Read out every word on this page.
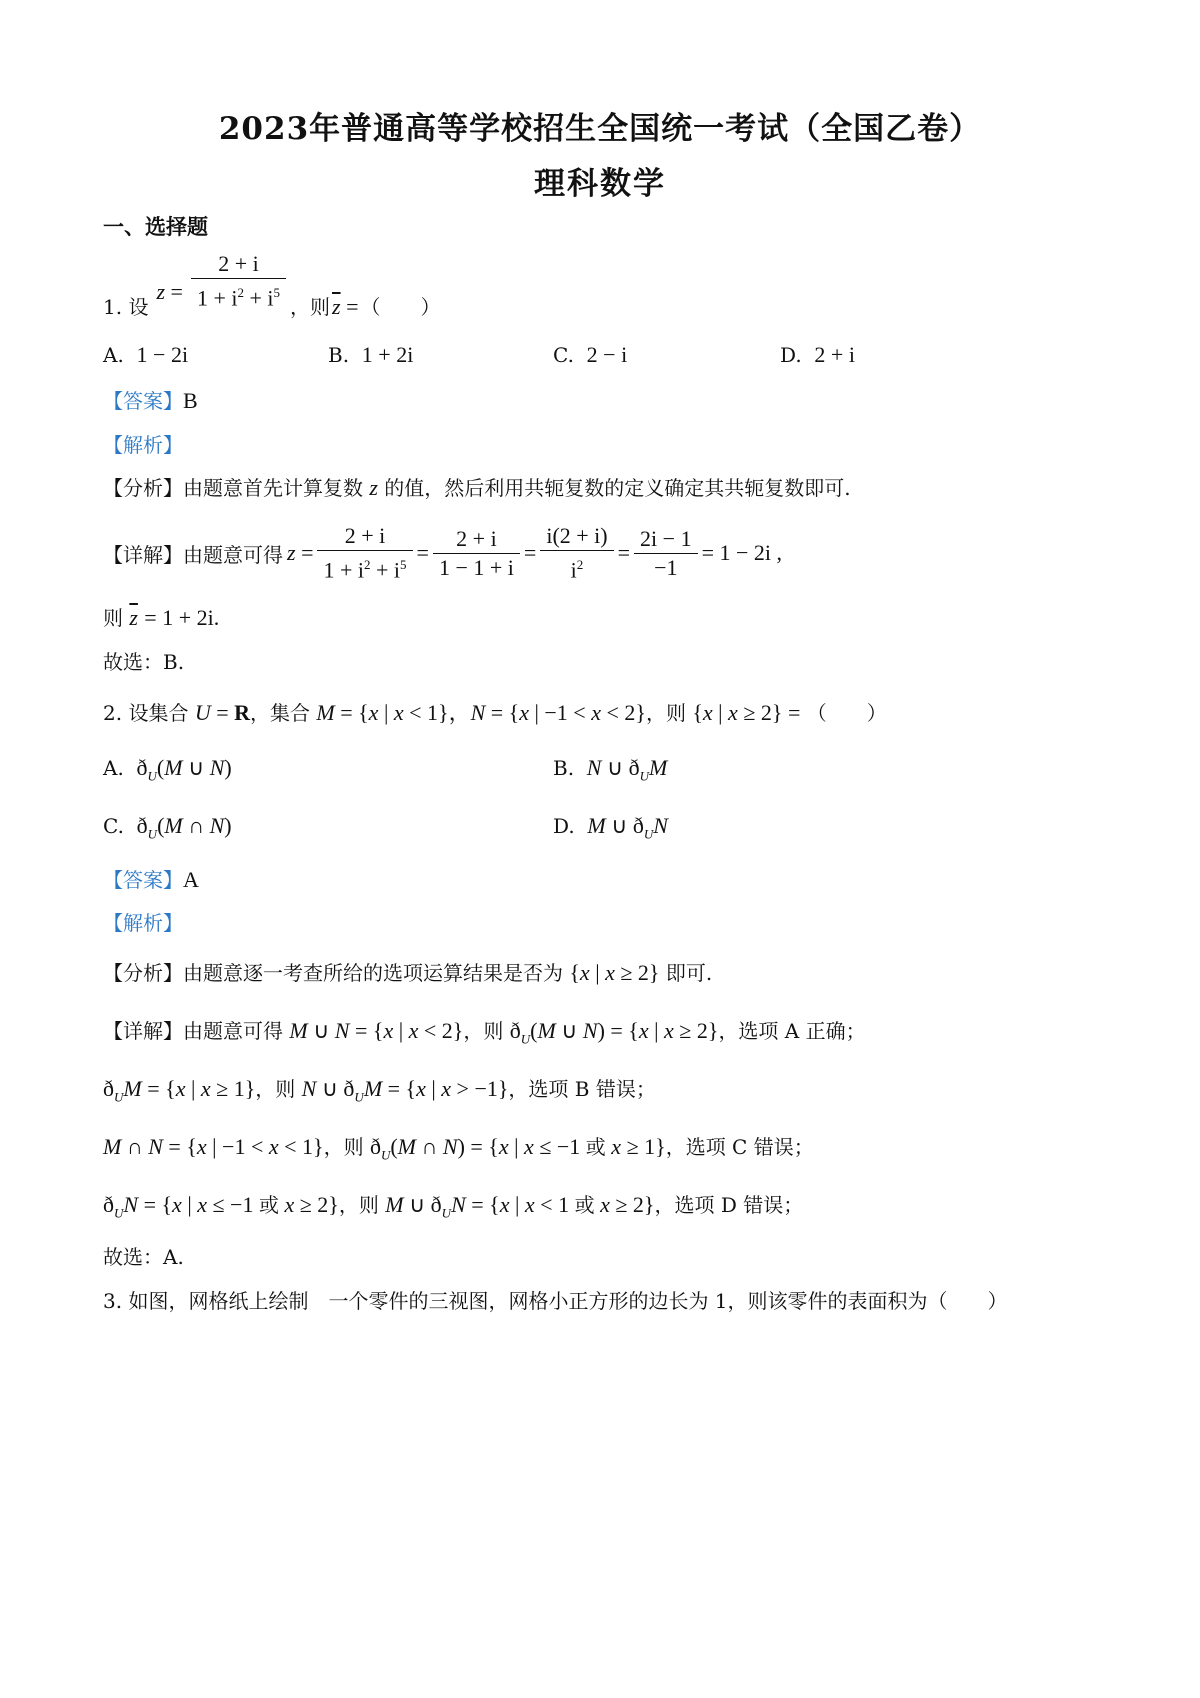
2023年普通高等学校招生全国统一考试（全国乙卷）
理科数学
一、选择题
1. 设
$z = \frac{2 + i}{1 + i^2 + i^5}$ ，则 $\overline{z}$ = （　　）
A. 1 − 2i	B. 1 + 2i	C. 2 − i	D. 2 + i
【答案】B
【解析】
【分析】由题意首先计算复数 z 的值，然后利用共轭复数的定义确定其共轭复数即可.
【详解】 由题意可得 $z = \frac{2 + i}{1 + i^2 + i^5} = \frac{2 + i}{1 - 1 + i} = \frac{i(2 + i)}{i^2} = \frac{2i - 1}{-1} = 1 - 2i$ ,
则 $\overline{z} = 1 + 2i$.
故选：B.
2. 设集合 U = R，集合 M = {x | x < 1}，N = {x | −1 < x < 2}，则 {x | x ≥ 2} = （　　）
A. $ð_U(M$ ∪ N)	B. N ∪ $ð_UM$
C. $ð_U(M$ ∩ N)	D. M ∪ $ð_UN$
【答案】A
【解析】
【分析】由题意逐一考查所给的选项运算结果是否为 {x | x ≥ 2} 即可.
【详解】由题意可得 M ∪ N = {x | x < 2}，则 $ð_U(M$ ∪ N) = {x | x ≥ 2}，选项 A 正确；
$ð_UM = \{x$ | x ≥ 1}，则 N ∪ $ð_UM = \{x$ | x > −1}，选项 B 错误；
M ∩ N = {x | −1 < x < 1}，则 $ð_U(M$ ∩ N) = {x | x ≤ −1 或 x ≥ 1}，选项 C 错误；
$ð_UN = \{x$ | x ≤ −1 或 x ≥ 2}，则 M ∪ $ð_UN = \{x$ | x < 1 或 x ≥ 2}，选项 D 错误；
故选：A.
3. 如图，网格纸上绘制　一个零件的三视图，网格小正方形的边长为 1，则该零件的表面积为（　　）
